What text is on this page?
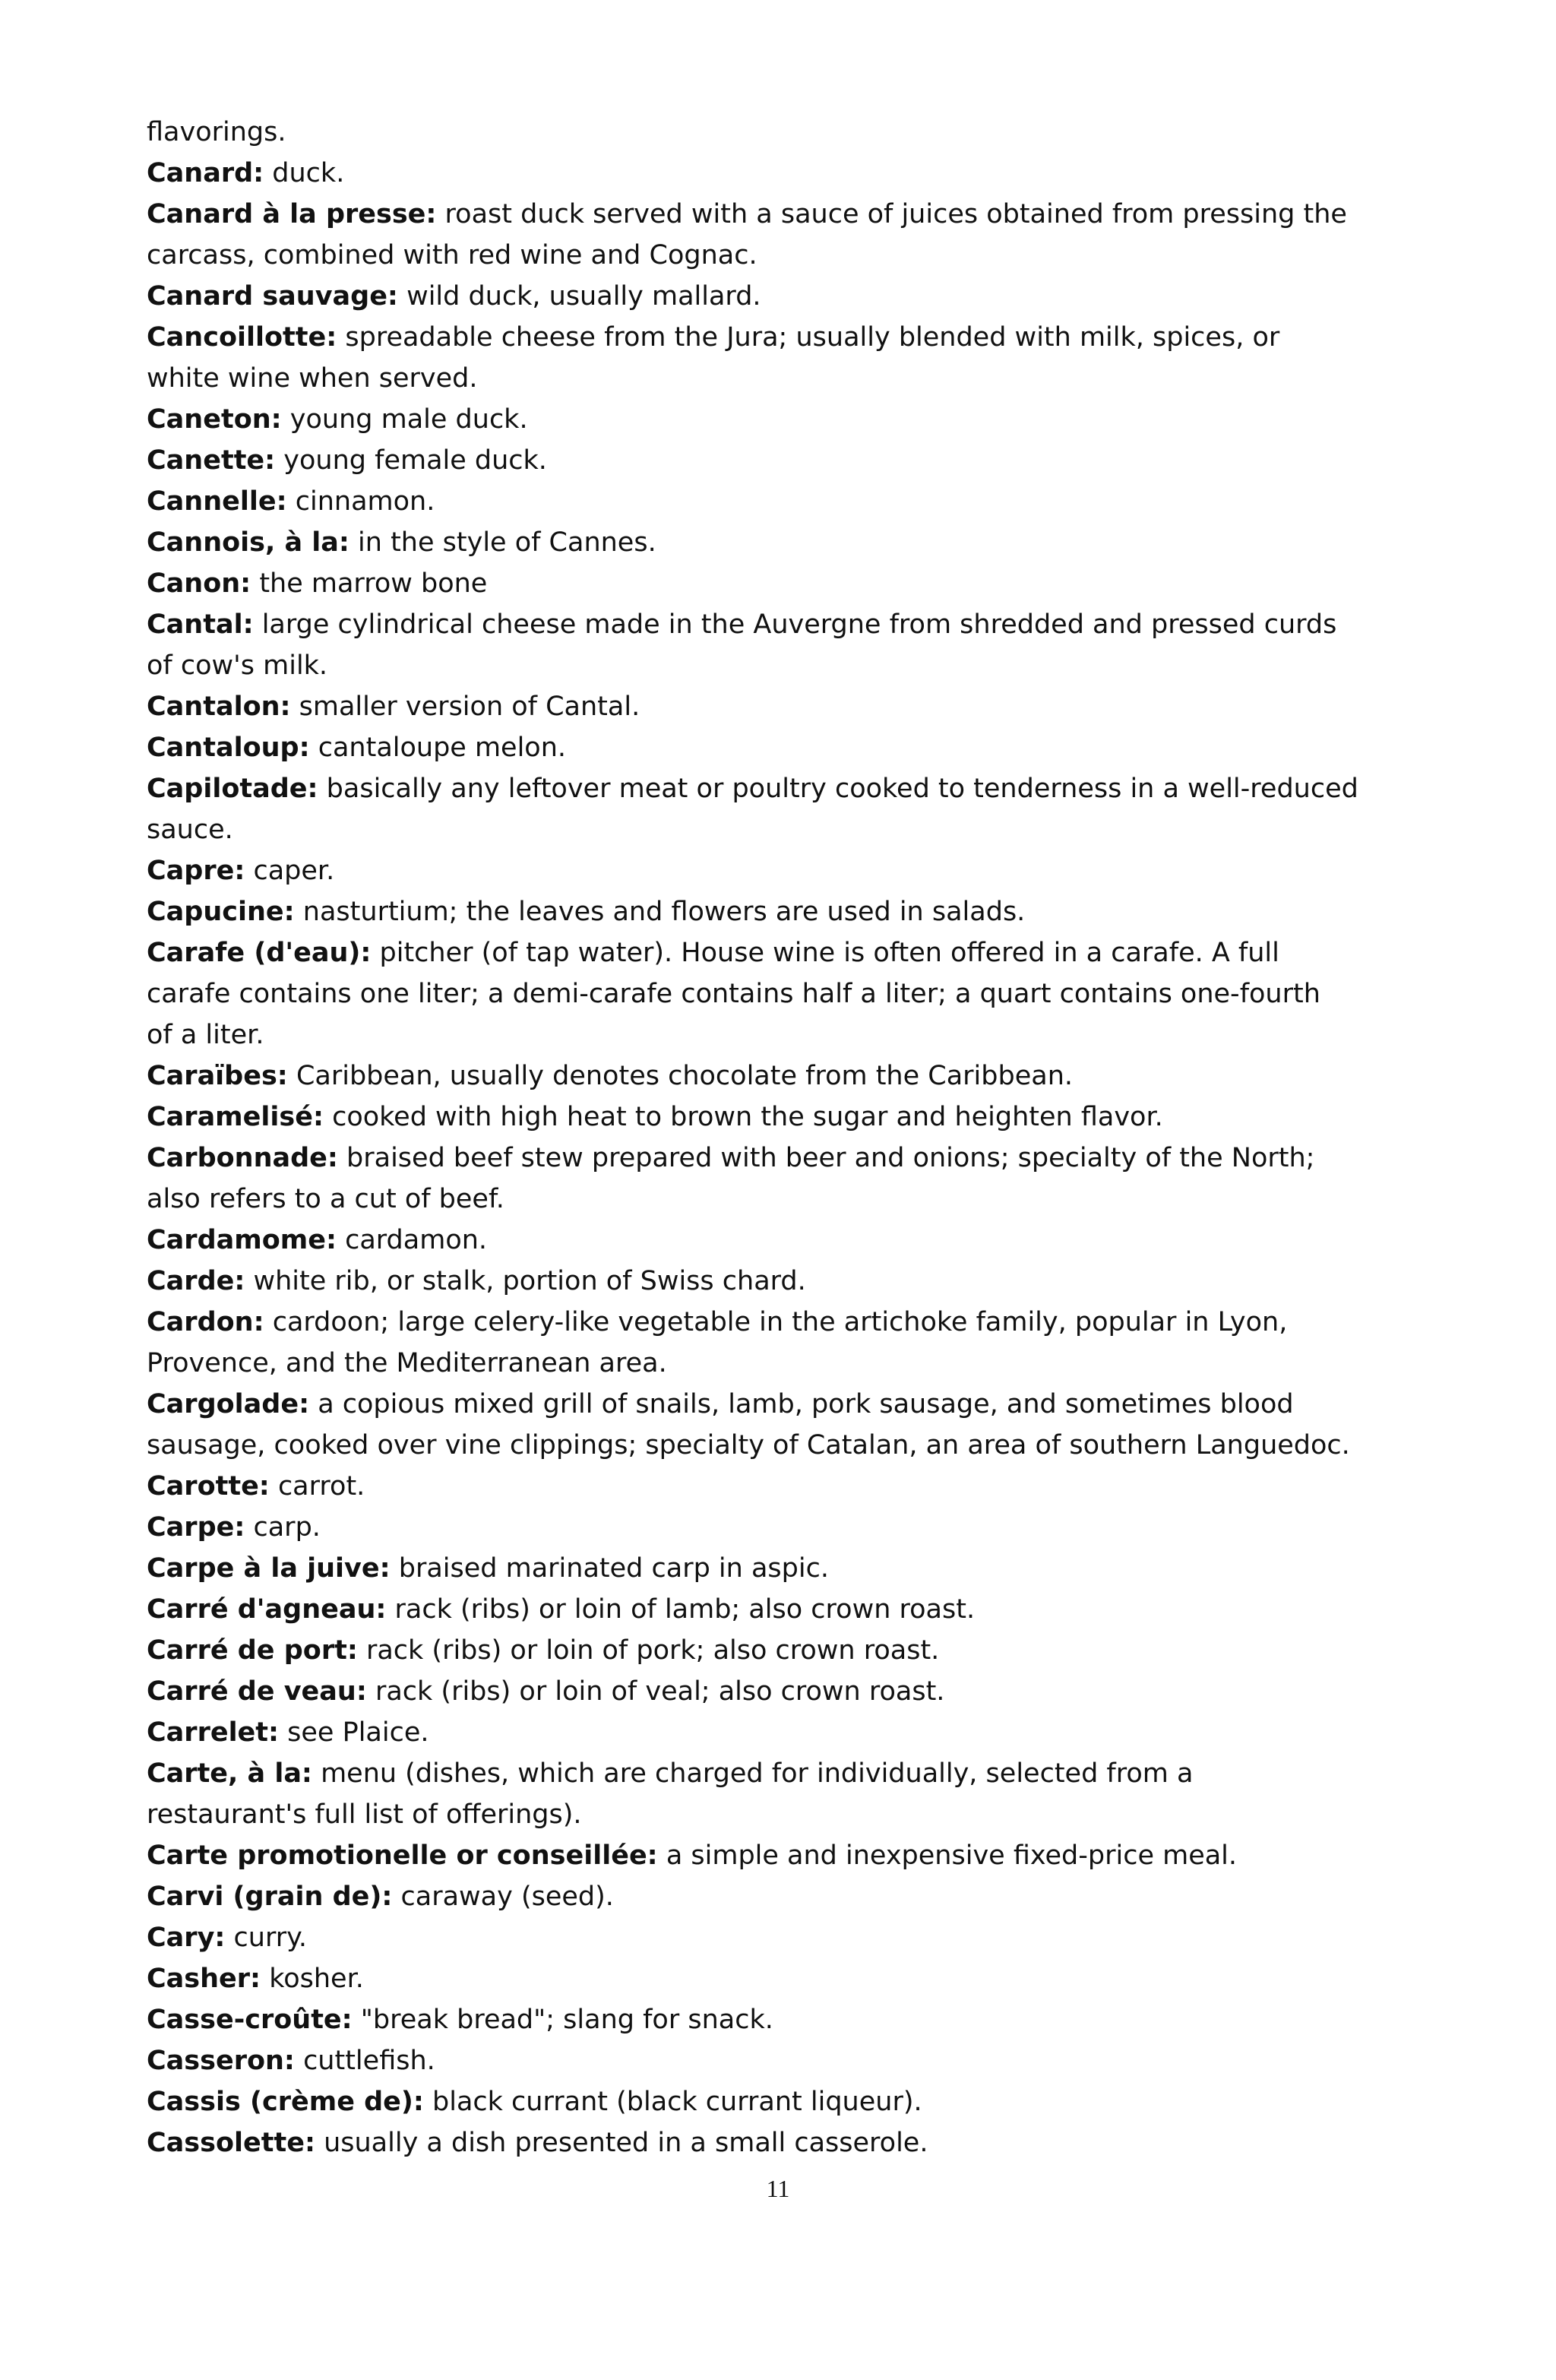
flavorings.
Canard: duck.
Canard à la presse: roast duck served with a sauce of juices obtained from pressing the
carcass, combined with red wine and Cognac.
Canard sauvage: wild duck, usually mallard.
Cancoillotte: spreadable cheese from the Jura; usually blended with milk, spices, or
white wine when served.
Caneton: young male duck.
Canette: young female duck.
Cannelle: cinnamon.
Cannois, à la: in the style of Cannes.
Canon: the marrow bone
Cantal: large cylindrical cheese made in the Auvergne from shredded and pressed curds
of cow's milk.
Cantalon: smaller version of Cantal.
Cantaloup: cantaloupe melon.
Capilotade: basically any leftover meat or poultry cooked to tenderness in a well-reduced
sauce.
Capre: caper.
Capucine: nasturtium; the leaves and flowers are used in salads.
Carafe (d'eau): pitcher (of tap water). House wine is often offered in a carafe. A full
carafe contains one liter; a demi-carafe contains half a liter; a quart contains one-fourth
of a liter.
Caraïbes: Caribbean, usually denotes chocolate from the Caribbean.
Caramelisé: cooked with high heat to brown the sugar and heighten flavor.
Carbonnade: braised beef stew prepared with beer and onions; specialty of the North;
also refers to a cut of beef.
Cardamome: cardamon.
Carde: white rib, or stalk, portion of Swiss chard.
Cardon: cardoon; large celery-like vegetable in the artichoke family, popular in Lyon,
Provence, and the Mediterranean area.
Cargolade: a copious mixed grill of snails, lamb, pork sausage, and sometimes blood
sausage, cooked over vine clippings; specialty of Catalan, an area of southern Languedoc.
Carotte: carrot.
Carpe: carp.
Carpe à la juive: braised marinated carp in aspic.
Carré d'agneau: rack (ribs) or loin of lamb; also crown roast.
Carré de port: rack (ribs) or loin of pork; also crown roast.
Carré de veau: rack (ribs) or loin of veal; also crown roast.
Carrelet: see Plaice.
Carte, à la: menu (dishes, which are charged for individually, selected from a
restaurant's full list of offerings).
Carte promotionelle or conseillée: a simple and inexpensive fixed-price meal.
Carvi (grain de): caraway (seed).
Cary: curry.
Casher: kosher.
Casse-croûte: "break bread"; slang for snack.
Casseron: cuttlefish.
Cassis (crème de): black currant (black currant liqueur).
Cassolette: usually a dish presented in a small casserole.
11
